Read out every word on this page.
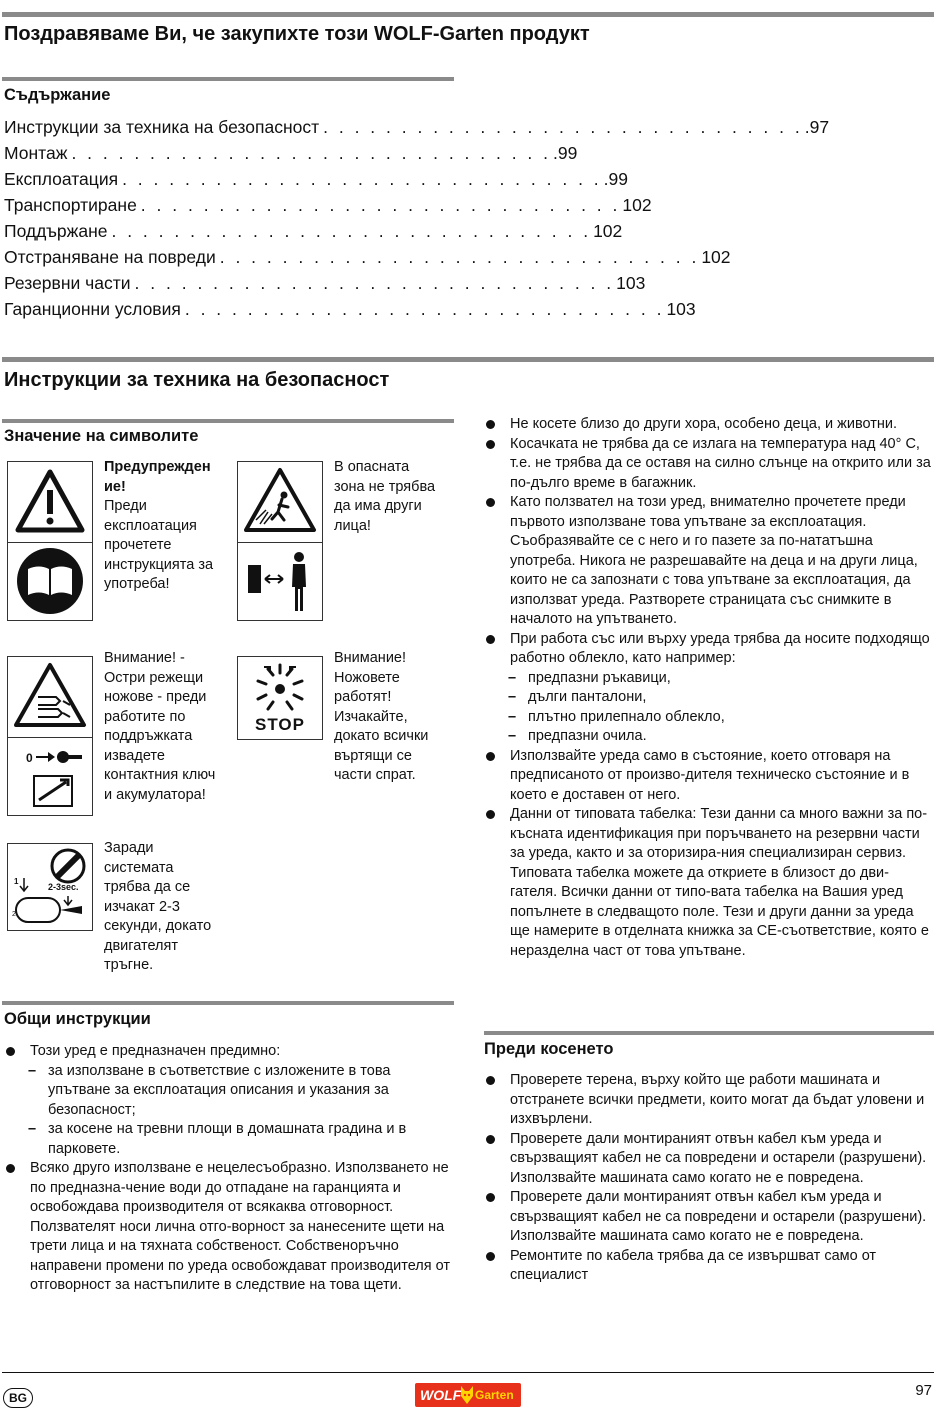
Поздравяваме Ви, че закупихте този WOLF-Garten продукт
Съдържание
Инструкции за техника на безопасност . . . . . . . . . . . . . . . . . . . . . . . . . . . . . . . .97
Монтаж . . . . . . . . . . . . . . . . . . . . . . . . . . . . . . . .99
Експлоатация . . . . . . . . . . . . . . . . . . . . . . . . . . . . . . . .99
Транспортиране . . . . . . . . . . . . . . . . . . . . . . . . . . . . . . . 102
Поддържане . . . . . . . . . . . . . . . . . . . . . . . . . . . . . . . 102
Отстраняване на повреди . . . . . . . . . . . . . . . . . . . . . . . . . . . . . . . 102
Резервни части . . . . . . . . . . . . . . . . . . . . . . . . . . . . . . . 103
Гаранционни условия . . . . . . . . . . . . . . . . . . . . . . . . . . . . . . . 103
Инструкции за техника на безопасност
Значение на символите
Предупрежден
ие!
Преди
експлоатация
прочетете
инструкцията за
употреба!
В опасната
зона не трябва
да има други
лица!
0
Внимание! -
Остри режещи
ножове - преди
работите по
поддръжката
извадете
контактния ключ
и акумулатора!
STOP
Внимание!
Ножовете
работят!
Изчакайте,
докато всички
въртящи се
части спрат.
1
2
2-3sec.
Заради
системата
трябва да се
изчакат 2-3
секунди, докато
двигателят
тръгне.
Общи инструкции
Този уред е предназначен предимно:
– за използване в съответствие с изложените в това упътване за експлоатация описания и указания за безопасност;
– за косене на тревни площи в домашната градина и в парковете.
Всяко друго използване е нецелесъобразно. Използването не по предназна-чение води до отпадане на гаранцията и освобождава производителя от всякаква отговорност. Ползвателят носи лична отго-ворност за нанесените щети на трети лица и на тяхната собственост. Собственоръчно направени промени по уреда освобождават производителя от отговорност за настъпилите в следствие на това щети.
Не косете близо до други хора, особено деца, и животни.
Косачката не трябва да се излага на температура над 40° C, т.е. не трябва да се оставя на силно слънце на открито или за по-дълго време в багажник.
Като ползвател на този уред, внимателно прочетете преди първото използване това упътване за експлоатация. Съобразявайте се с него и го пазете за по-нататъшна употреба. Никога не разрешавайте на деца и на други лица, които не са запознати с това упътване за експлоатация, да използват уреда. Разтворете страницата със снимките в началото на упътването.
При работа със или върху уреда трябва да носите подходящо работно облекло, като например:
– предпазни ръкавици,
– дълги панталони,
– плътно прилепнало облекло,
– предпазни очила.
Използвайте уреда само в състояние, което отговаря на предписаното от произво-дителя техническо състояние и в което е доставен от него.
Данни от типовата табелка: Тези данни са много важни за по-късната идентификация при поръчването на резервни части за уреда, както и за оторизира-ния специализиран сервиз. Типовата табелка можете да откриете в близост до дви-гателя. Всички данни от типо-вата табелка на Вашия уред попълнете в следващото поле. Тези и други данни за уреда ще намерите в отделната книжка за CE-съответствие, която е неразделна част от това упътване.
Преди косенето
Проверете терена, върху който ще работи машината и отстранете всички предмети, които могат да бъдат уловени и изхвърлени.
Проверете дали монтираният отвън кабел към уреда и свързващият кабел не са повредени и остарели (разрушени). Използвайте машината само когато не е повредена.
Проверете дали монтираният отвън кабел към уреда и свързващият кабел не са повредени и остарели (разрушени). Използвайте машината само когато не е повредена.
Ремонтите по кабела трябва да се извършват само от специалист
BG	WOLF Garten	97
